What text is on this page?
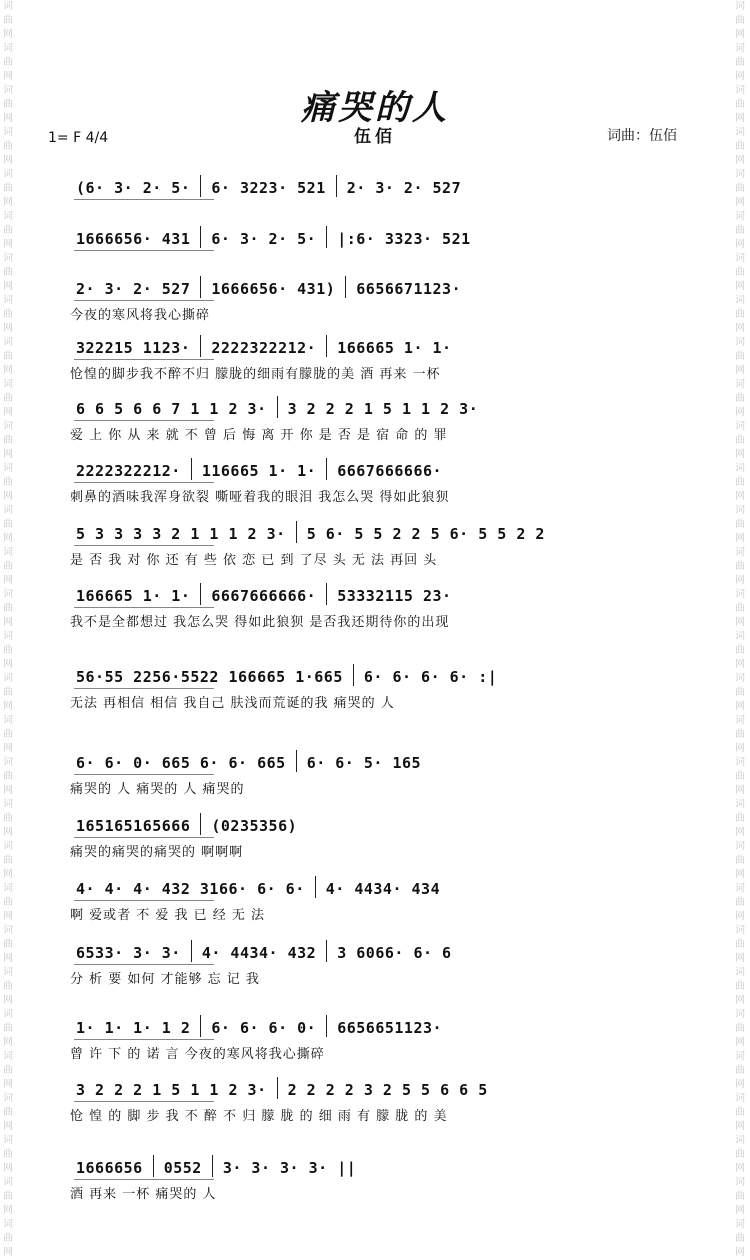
词曲网词曲网词曲网词曲网词曲网词曲网词曲网词曲网词曲网词曲网词曲网词曲网词曲网词曲网词曲网词曲网词曲网词曲网词曲网词曲网词曲网词曲网词曲网词曲网词曲网词曲网词曲网词曲网词曲网词曲网
词曲网词曲网词曲网词曲网词曲网词曲网词曲网词曲网词曲网词曲网词曲网词曲网词曲网词曲网词曲网词曲网词曲网词曲网词曲网词曲网词曲网词曲网词曲网词曲网词曲网词曲网词曲网词曲网词曲网词曲网
痛哭的人
伍佰
1= F 4/4	词曲：伍佰
(6· 3· 2· 5·	6· 3223· 521	2· 3· 2· 527
1666656· 431	6· 3· 2· 5·	|:6· 3323· 521
2· 3· 2· 527	1666656· 431)	6656671123·
今夜的寒风将我心撕碎
322215 1123·	2222322212·	166665 1· 1·
怆惶的脚步我不醉不归 朦胧的细雨有朦胧的美 酒 再来 一杯
6 6 5 6 6 7 1 1 2 3·	3 2 2 2 1 5 1 1 2 3·
爱 上 你 从 来 就 不 曾 后 悔 离 开 你 是 否 是 宿 命 的 罪
2222322212·	116665 1· 1·	6667666666·
刺鼻的酒味我浑身欲裂 嘶哑着我的眼泪 我怎么哭 得如此狼狈
5 3 3 3 3 2 1 1 1 2 3·	5 6· 5 5 2 2 5 6· 5 5 2 2
是 否 我 对 你 还 有 些 依 恋 已 到 了尽 头 无 法 再回 头
166665 1· 1·	6667666666·	53332115 23·
我不是全都想过 我怎么哭 得如此狼狈 是否我还期待你的出现
56·55 2256·5522 166665 1·665	6· 6· 6· 6· :|
无法 再相信 相信 我自己 肤浅而荒诞的我 痛哭的 人
6· 6· 0· 665 6· 6· 665	6· 6· 5· 165
痛哭的 人 痛哭的 人 痛哭的
165165165666	(0235356)
痛哭的痛哭的痛哭的 啊啊啊
4· 4· 4· 432 3166· 6· 6·	4· 4434· 434
啊 爱或者 不 爱 我 已 经 无 法
6533· 3· 3·	4· 4434· 432	3 6066· 6· 6
分 析 要 如何 才能够 忘 记 我
1· 1· 1· 1 2	6· 6· 6· 0·	6656651123·
曾 许 下 的 诺 言 今夜的寒风将我心撕碎
3 2 2 2 1 5 1 1 2 3·	2 2 2 2 3 2 5 5 6 6 5
怆 惶 的 脚 步 我 不 醉 不 归 朦 胧 的 细 雨 有 朦 胧 的 美
1666656	0552	3· 3· 3· 3· ||
酒 再来 一杯 痛哭的 人
